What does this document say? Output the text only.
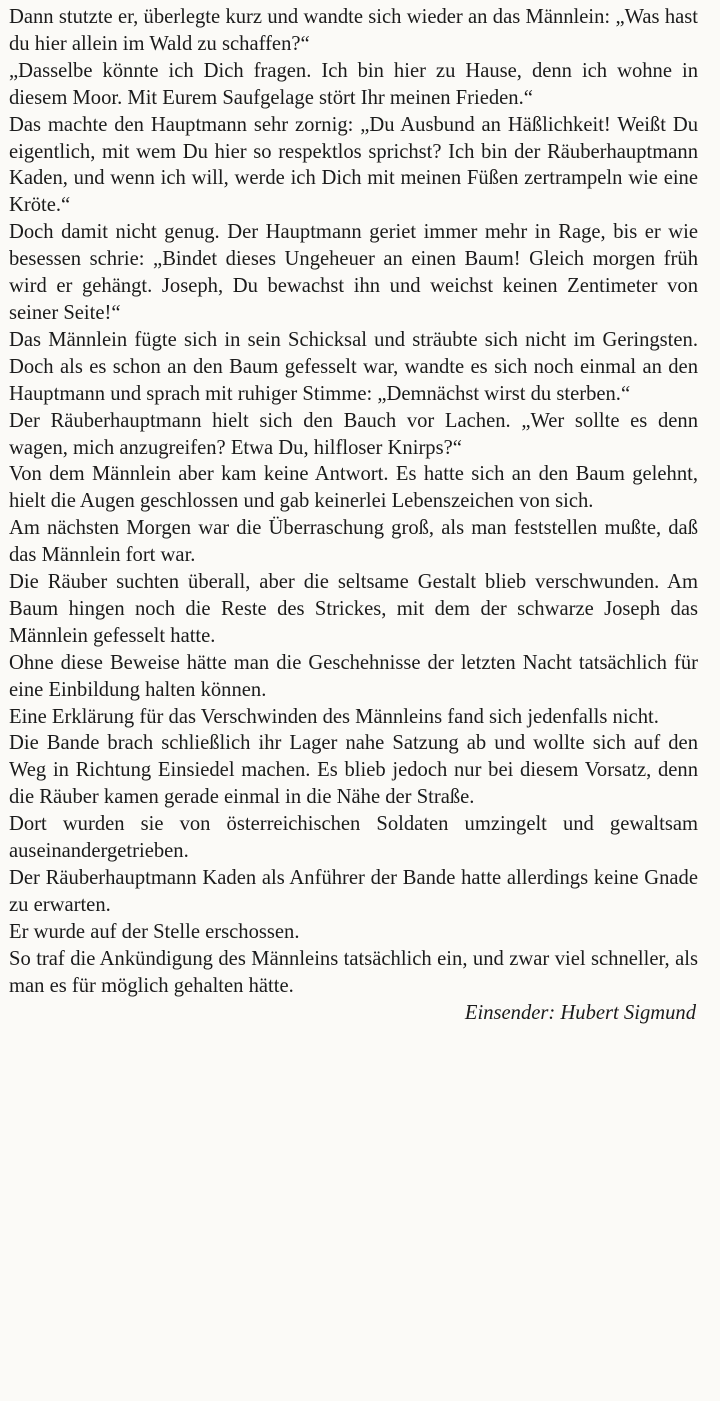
Dann stutzte er, überlegte kurz und wandte sich wieder an das Männlein: „Was hast du hier allein im Wald zu schaffen?“

„Dasselbe könnte ich Dich fragen. Ich bin hier zu Hause, denn ich wohne in diesem Moor. Mit Eurem Saufgelage stört Ihr meinen Frieden.“

Das machte den Hauptmann sehr zornig: „Du Ausbund an Häßlichkeit! Weißt Du eigentlich, mit wem Du hier so respektlos sprichst? Ich bin der Räuberhauptmann Kaden, und wenn ich will, werde ich Dich mit meinen Füßen zertrampeln wie eine Kröte.“

Doch damit nicht genug. Der Hauptmann geriet immer mehr in Rage, bis er wie besessen schrie: „Bindet dieses Ungeheuer an einen Baum! Gleich morgen früh wird er gehängt. Joseph, Du bewachst ihn und weichst keinen Zentimeter von seiner Seite!“

Das Männlein fügte sich in sein Schicksal und sträubte sich nicht im Geringsten. Doch als es schon an den Baum gefesselt war, wandte es sich noch einmal an den Hauptmann und sprach mit ruhiger Stimme: „Demnächst wirst du sterben.“

Der Räuberhauptmann hielt sich den Bauch vor Lachen. „Wer sollte es denn wagen, mich anzugreifen? Etwa Du, hilfloser Knirps?“

Von dem Männlein aber kam keine Antwort. Es hatte sich an den Baum gelehnt, hielt die Augen geschlossen und gab keinerlei Lebenszeichen von sich.

Am nächsten Morgen war die Überraschung groß, als man feststellen mußte, daß das Männlein fort war.

Die Räuber suchten überall, aber die seltsame Gestalt blieb verschwunden. Am Baum hingen noch die Reste des Strickes, mit dem der schwarze Joseph das Männlein gefesselt hatte.

Ohne diese Beweise hätte man die Geschehnisse der letzten Nacht tatsächlich für eine Einbildung halten können.

Eine Erklärung für das Verschwinden des Männleins fand sich jedenfalls nicht.

Die Bande brach schließlich ihr Lager nahe Satzung ab und wollte sich auf den Weg in Richtung Einsiedel machen. Es blieb jedoch nur bei diesem Vorsatz, denn die Räuber kamen gerade einmal in die Nähe der Straße.

Dort wurden sie von österreichischen Soldaten umzingelt und gewaltsam auseinandergetrieben.

Der Räuberhauptmann Kaden als Anführer der Bande hatte allerdings keine Gnade zu erwarten.

Er wurde auf der Stelle erschossen.

So traf die Ankündigung des Männleins tatsächlich ein, und zwar viel schneller, als man es für möglich gehalten hätte.

Einsender: Hubert Sigmund
